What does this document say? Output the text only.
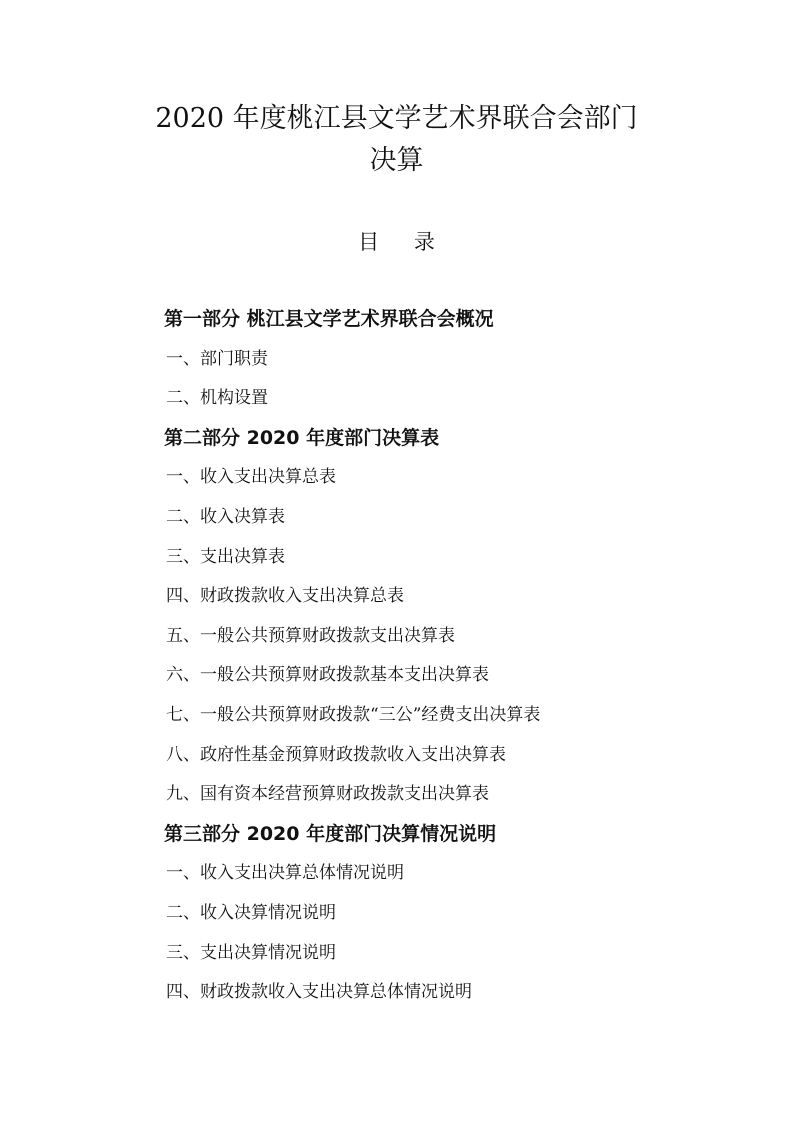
2020 年度桃江县文学艺术界联合会部门
决算
目 录
第一部分 桃江县文学艺术界联合会概况
一、部门职责
二、机构设置
第二部分 2020 年度部门决算表
一、收入支出决算总表
二、收入决算表
三、支出决算表
四、财政拨款收入支出决算总表
五、一般公共预算财政拨款支出决算表
六、一般公共预算财政拨款基本支出决算表
七、一般公共预算财政拨款“三公”经费支出决算表
八、政府性基金预算财政拨款收入支出决算表
九、国有资本经营预算财政拨款支出决算表
第三部分 2020 年度部门决算情况说明
一、收入支出决算总体情况说明
二、收入决算情况说明
三、支出决算情况说明
四、财政拨款收入支出决算总体情况说明
